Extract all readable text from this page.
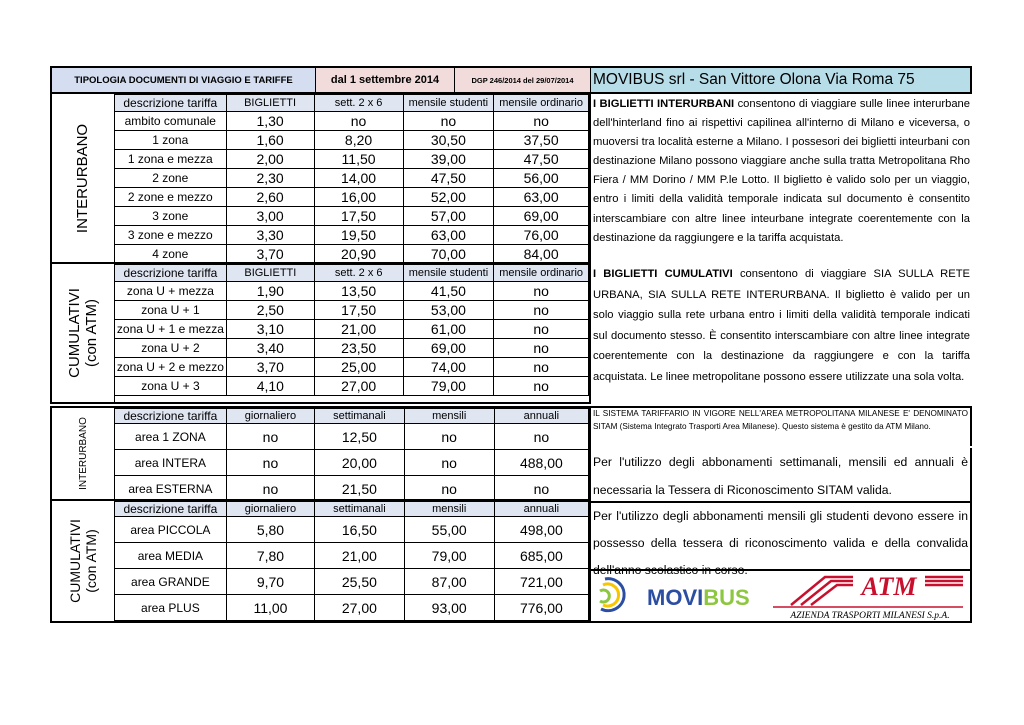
TIPOLOGIA DOCUMENTI DI VIAGGIO E TARIFFE	dal 1 settembre 2014	DGP 246/2014 del 29/07/2014 MOVIBUS srl - San Vittore Olona Via Roma 75
INTERURBANO
descrizione tariffa	BIGLIETTI	sett. 2 x 6	mensile studenti	mensile ordinario
ambito comunale	1,30	no	no	no
1 zona	1,60	8,20	30,50	37,50
1 zona e mezza	2,00	11,50	39,00	47,50
2 zone	2,30	14,00	47,50	56,00
2 zone e mezzo	2,60	16,00	52,00	63,00
3 zone	3,00	17,50	57,00	69,00
3 zone e mezzo	3,30	19,50	63,00	76,00
4 zone	3,70	20,90	70,00	84,00
CUMULATIVI (con ATM)
descrizione tariffa	BIGLIETTI	sett. 2 x 6	mensile studenti	mensile ordinario
zona U + mezza	1,90	13,50	41,50	no
zona U + 1	2,50	17,50	53,00	no
zona U + 1 e mezza	3,10	21,00	61,00	no
zona U + 2	3,40	23,50	69,00	no
zona U + 2 e mezzo	3,70	25,00	74,00	no
zona U + 3	4,10	27,00	79,00	no
INTERURBANO
descrizione tariffa	giornaliero	settimanali	mensili	annuali
area 1 ZONA	no	12,50	no	no
area INTERA	no	20,00	no	488,00
area ESTERNA	no	21,50	no	no
CUMULATIVI (con ATM)
descrizione tariffa	giornaliero	settimanali	mensili	annuali
area PICCOLA	5,80	16,50	55,00	498,00
area MEDIA	7,80	21,00	79,00	685,00
area GRANDE	9,70	25,50	87,00	721,00
area PLUS	11,00	27,00	93,00	776,00
I BIGLIETTI INTERURBANI consentono di viaggiare sulle linee interurbane dell'hinterland fino ai rispettivi capilinea all'interno di Milano e viceversa, o muoversi tra località esterne a Milano. I possesori dei biglietti inteurbani con destinazione Milano possono viaggiare anche sulla tratta Metropolitana Rho Fiera / MM Dorino / MM P.le Lotto. Il biglietto è valido solo per un viaggio, entro i limiti della validità temporale indicata sul documento è consentito interscambiare con altre linee inteurbane integrate coerentemente con la destinazione da raggiungere e la tariffa acquistata.
I BIGLIETTI CUMULATIVI consentono di viaggiare SIA SULLA RETE URBANA, SIA SULLA RETE INTERURBANA. Il biglietto è valido per un solo viaggio sulla rete urbana entro i limiti della validità temporale indicati sul documento stesso. È consentito interscambiare con altre linee integrate coerentemente con la destinazione da raggiungere e con la tariffa acquistata. Le linee metropolitane possono essere utilizzate una sola volta.
IL SISTEMA TARIFFARIO IN VIGORE NELL'AREA METROPOLITANA MILANESE E' DENOMINATO SITAM (Sistema Integrato Trasporti Area Milanese). Questo sistema è gestito da ATM Milano.
Per l'utilizzo degli abbonamenti settimanali, mensili ed annuali è necessaria la Tessera di Riconoscimento SITAM valida.
Per l'utilizzo degli abbonamenti mensili gli studenti devono essere in possesso della tessera di riconoscimento valida e della convalida dell'anno scolastico in corso.
MOVIBUS	ATM
AZIENDA TRASPORTI MILANESI S.p.A.
